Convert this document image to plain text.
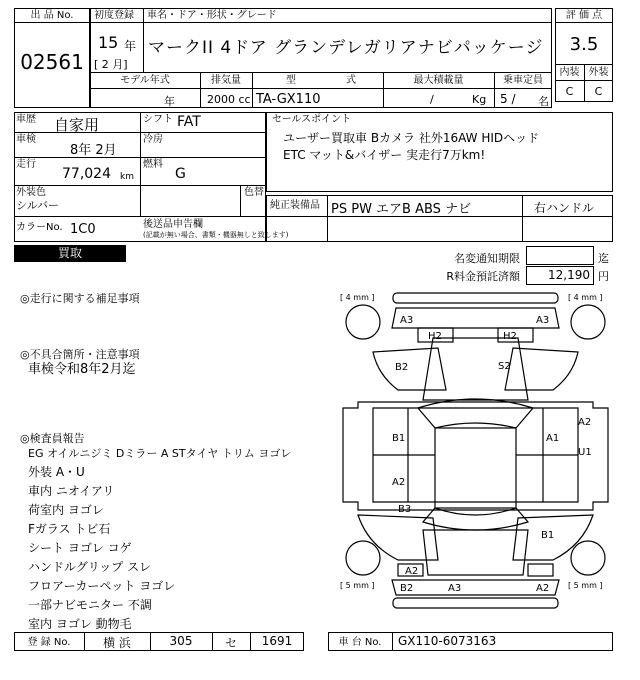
出 品 No.
02561
初度登録 車名・ドア・形状・グレード
15 年
[ 2 月]
マークII 4ドア グランデレガリアナビパッケージ
モデル年式	排気量	型	式	最大積載量	乗車定員
年	2000 cc TA-GX110	/	Kg 5 / 名
評 価 点
3.5
内装 外装
C	C
車歴 自家用	シフト FAT
車検
8年 2月
冷房
走行
77,024 km
燃料
G
外装色
シルバー
色替
カラーNo. 1C0	後送品申告欄
(記載が無い場合、書類・機器無しと致します)
セールスポイント
ユーザー買取車 Bカメラ 社外16AW HIDヘッド
ETC マット&バイザー 実走行7万km!
純正装備品 PS PW エアB ABS ナビ	右ハンドル
買取	名変通知期限	迄
R料金預託済額	12,190 円
◎走行に関する補足事項
◎不具合箇所・注意事項
車検令和8年2月迄
◎検査員報告
EG オイルニジミ Dミラー A STタイヤ トリム ヨゴレ
外装 A・U
車内 ニオイアリ
荷室内 ヨゴレ
Fガラス トビ石
シート ヨゴレ コゲ
ハンドルグリップ スレ
フロアーカーペット ヨゴレ
一部ナビモニター 不調
室内 ヨゴレ 動物毛
[ 4 mm ]	[ 4 mm ]
[ 5 mm ]	[ 5 mm ]
A3	A3
H2	H2
B2	S2
B1	A1
A2
U1
A2
B3
B1
A2
B2	A3	A2
登 録 No.	横 浜	305	セ	1691	車 台 No.	GX110-6073163
